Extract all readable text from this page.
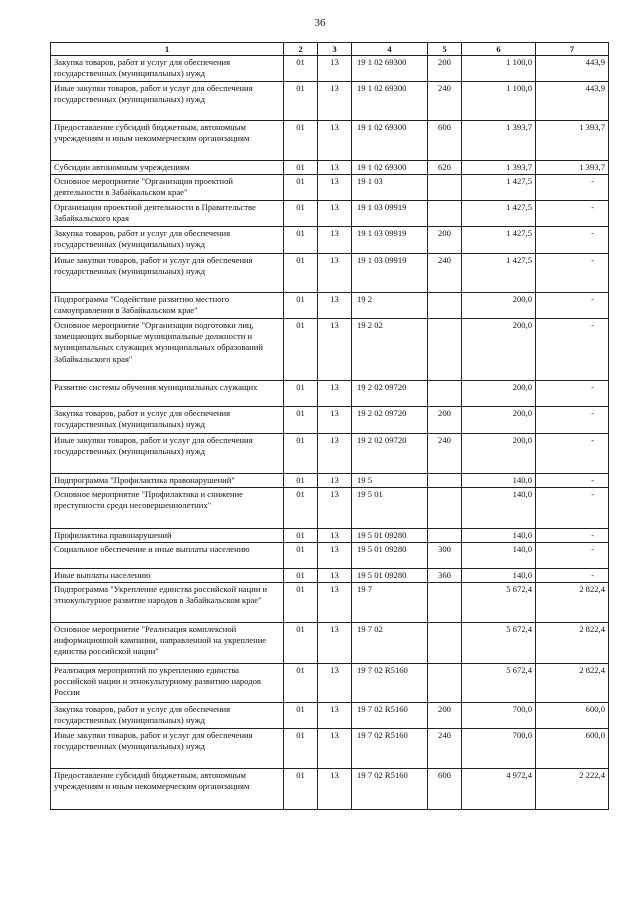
36
1	2	3	4	5	6	7
Закупка товаров, работ и услуг для обеспечения государственных (муниципальных) нужд	01	13	19 1 02 69300	200	1 100,0	443,9
Иные закупки товаров, работ и услуг для обеспечения государственных (муниципальных) нужд	01	13	19 1 02 69300	240	1 100,0	443,9
Предоставление субсидий бюджетным, автономным учреждениям и иным некоммерческим организациям	01	13	19 1 02 69300	600	1 393,7	1 393,7
Субсидии автономным учреждениям	01	13	19 1 02 69300	620	1 393,7	1 393,7
Основное мероприятие "Организация проектной деятельности в Забайкальском крае"	01	13	19 1 03		1 427,5	-
Организация проектной деятельности в Правительстве Забайкальского края	01	13	19 1 03 09919		1 427,5	-
Закупка товаров, работ и услуг для обеспечения государственных (муниципальных) нужд	01	13	19 1 03 09919	200	1 427,5	-
Иные закупки товаров, работ и услуг для обеспечения государственных (муниципальных) нужд	01	13	19 1 03 09919	240	1 427,5	-
Подпрограмма "Содействие развитию местного самоуправления в Забайкальском крае"	01	13	19 2		200,0	-
Основное мероприятие "Организация подготовки лиц, замещающих выборные муниципальные должности и муниципальных служащих муниципальных образований Забайкальского края"	01	13	19 2 02		200,0	-
Развитие системы обучения муниципальных служащих	01	13	19 2 02 09720		200,0	-
Закупка товаров, работ и услуг для обеспечения государственных (муниципальных) нужд	01	13	19 2 02 09720	200	200,0	-
Иные закупки товаров, работ и услуг для обеспечения государственных (муниципальных) нужд	01	13	19 2 02 09720	240	200,0	-
Подпрограмма "Профилактика правонарушений"	01	13	19 5		140,0	-
Основное мероприятие "Профилактика и снижение преступности среди несовершеннолетних"	01	13	19 5 01		140,0	-
Профилактика правонарушений	01	13	19 5 01 09280		140,0	-
Социальное обеспечение и иные выплаты населению	01	13	19 5 01 09280	300	140,0	-
Иные выплаты населению	01	13	19 5 01 09280	360	140,0	-
Подпрограмма "Укрепление единства российской нации и этнокультурное развитие народов в Забайкальском крае"	01	13	19 7		5 672,4	2 822,4
Основное мероприятие "Реализация комплексной информационной кампании, направленной на укрепление единства российской нации"	01	13	19 7 02		5 672,4	2 822,4
Реализация мероприятий по укреплению единства российской нации и этнокультурному развитию народов России	01	13	19 7 02 R5160		5 672,4	2 822,4
Закупка товаров, работ и услуг для обеспечения государственных (муниципальных) нужд	01	13	19 7 02 R5160	200	700,0	600,0
Иные закупки товаров, работ и услуг для обеспечения государственных (муниципальных) нужд	01	13	19 7 02 R5160	240	700,0	600,0
Предоставление субсидий бюджетным, автономным учреждениям и иным некоммерческим организациям	01	13	19 7 02 R5160	600	4 972,4	2 222,4
